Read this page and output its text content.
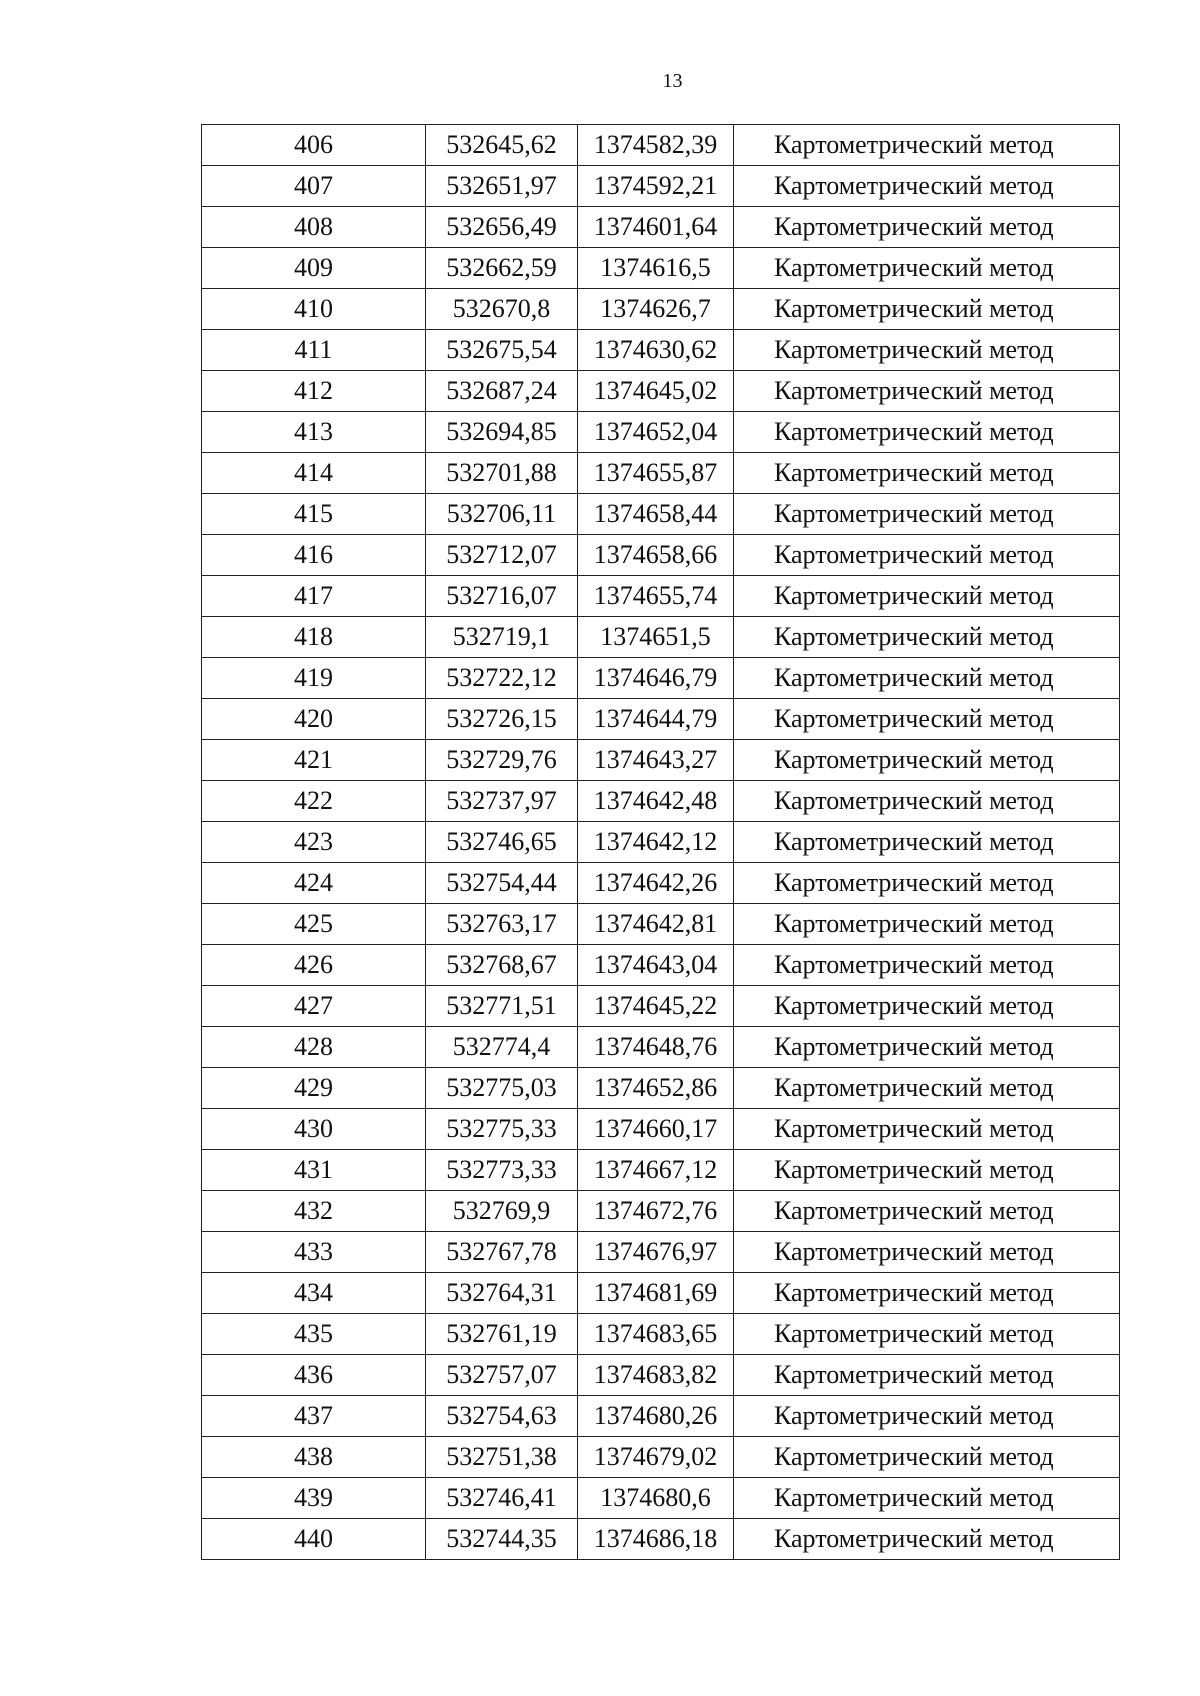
13
406	532645,62	1374582,39	Картометрический метод
407	532651,97	1374592,21	Картометрический метод
408	532656,49	1374601,64	Картометрический метод
409	532662,59	1374616,5	Картометрический метод
410	532670,8	1374626,7	Картометрический метод
411	532675,54	1374630,62	Картометрический метод
412	532687,24	1374645,02	Картометрический метод
413	532694,85	1374652,04	Картометрический метод
414	532701,88	1374655,87	Картометрический метод
415	532706,11	1374658,44	Картометрический метод
416	532712,07	1374658,66	Картометрический метод
417	532716,07	1374655,74	Картометрический метод
418	532719,1	1374651,5	Картометрический метод
419	532722,12	1374646,79	Картометрический метод
420	532726,15	1374644,79	Картометрический метод
421	532729,76	1374643,27	Картометрический метод
422	532737,97	1374642,48	Картометрический метод
423	532746,65	1374642,12	Картометрический метод
424	532754,44	1374642,26	Картометрический метод
425	532763,17	1374642,81	Картометрический метод
426	532768,67	1374643,04	Картометрический метод
427	532771,51	1374645,22	Картометрический метод
428	532774,4	1374648,76	Картометрический метод
429	532775,03	1374652,86	Картометрический метод
430	532775,33	1374660,17	Картометрический метод
431	532773,33	1374667,12	Картометрический метод
432	532769,9	1374672,76	Картометрический метод
433	532767,78	1374676,97	Картометрический метод
434	532764,31	1374681,69	Картометрический метод
435	532761,19	1374683,65	Картометрический метод
436	532757,07	1374683,82	Картометрический метод
437	532754,63	1374680,26	Картометрический метод
438	532751,38	1374679,02	Картометрический метод
439	532746,41	1374680,6	Картометрический метод
440	532744,35	1374686,18	Картометрический метод
